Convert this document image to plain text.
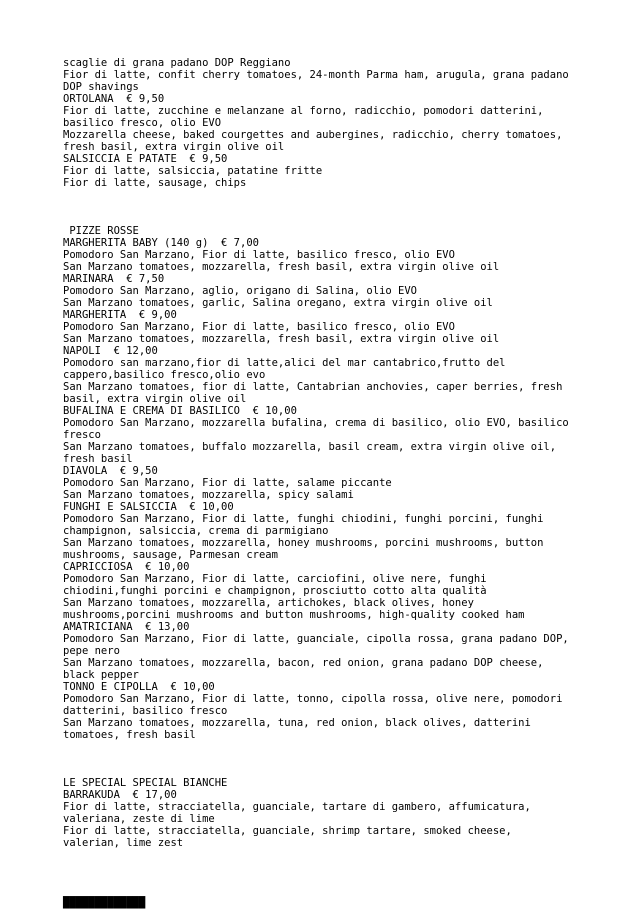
scaglie di grana padano DOP Reggiano
Fior di latte, confit cherry tomatoes, 24-month Parma ham, arugula, grana padano
DOP shavings
ORTOLANA  € 9,50
Fior di latte, zucchine e melanzane al forno, radicchio, pomodori datterini,
basilico fresco, olio EVO
Mozzarella cheese, baked courgettes and aubergines, radicchio, cherry tomatoes,
fresh basil, extra virgin olive oil
SALSICCIA E PATATE  € 9,50
Fior di latte, salsiccia, patatine fritte
Fior di latte, sausage, chips
PIZZE ROSSE
MARGHERITA BABY (140 g)  € 7,00
Pomodoro San Marzano, Fior di latte, basilico fresco, olio EVO
San Marzano tomatoes, mozzarella, fresh basil, extra virgin olive oil
MARINARA  € 7,50
Pomodoro San Marzano, aglio, origano di Salina, olio EVO
San Marzano tomatoes, garlic, Salina oregano, extra virgin olive oil
MARGHERITA  € 9,00
Pomodoro San Marzano, Fior di latte, basilico fresco, olio EVO
San Marzano tomatoes, mozzarella, fresh basil, extra virgin olive oil
NAPOLI  € 12,00
Pomodoro san marzano,fior di latte,alici del mar cantabrico,frutto del
cappero,basilico fresco,olio evo
San Marzano tomatoes, fior di latte, Cantabrian anchovies, caper berries, fresh
basil, extra virgin olive oil
BUFALINA E CREMA DI BASILICO  € 10,00
Pomodoro San Marzano, mozzarella bufalina, crema di basilico, olio EVO, basilico
fresco
San Marzano tomatoes, buffalo mozzarella, basil cream, extra virgin olive oil,
fresh basil
DIAVOLA  € 9,50
Pomodoro San Marzano, Fior di latte, salame piccante
San Marzano tomatoes, mozzarella, spicy salami
FUNGHI E SALSICCIA  € 10,00
Pomodoro San Marzano, Fior di latte, funghi chiodini, funghi porcini, funghi
champignon, salsiccia, crema di parmigiano
San Marzano tomatoes, mozzarella, honey mushrooms, porcini mushrooms, button
mushrooms, sausage, Parmesan cream
CAPRICCIOSA  € 10,00
Pomodoro San Marzano, Fior di latte, carciofini, olive nere, funghi
chiodini,funghi porcini e champignon, prosciutto cotto alta qualità
San Marzano tomatoes, mozzarella, artichokes, black olives, honey
mushrooms,porcini mushrooms and button mushrooms, high-quality cooked ham
AMATRICIANA  € 13,00
Pomodoro San Marzano, Fior di latte, guanciale, cipolla rossa, grana padano DOP,
pepe nero
San Marzano tomatoes, mozzarella, bacon, red onion, grana padano DOP cheese,
black pepper
TONNO E CIPOLLA  € 10,00
Pomodoro San Marzano, Fior di latte, tonno, cipolla rossa, olive nere, pomodori
datterini, basilico fresco
San Marzano tomatoes, mozzarella, tuna, red onion, black olives, datterini
tomatoes, fresh basil
LE SPECIAL SPECIAL BIANCHE
BARRAKUDA  € 17,00
Fior di latte, stracciatella, guanciale, tartare di gambero, affumicatura,
valeriana, zeste di lime
Fior di latte, stracciatella, guanciale, shrimp tartare, smoked cheese,
valerian, lime zest
█████████████
